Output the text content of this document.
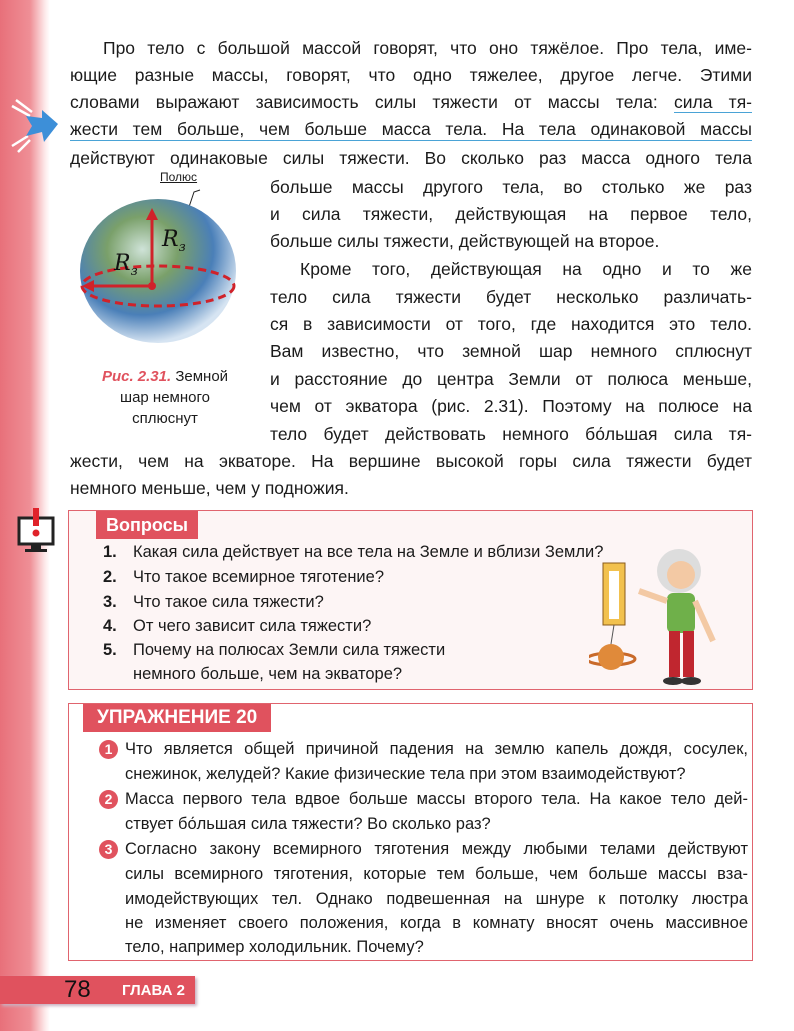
Про тело с большой массой говорят, что оно тяжёлое. Про тела, име-
ющие разные массы, говорят, что одно тяжелее, другое легче. Этими
словами выражают зависимость силы тяжести от массы тела: сила тя-
жести тем больше, чем больше масса тела. На тела одинаковой массы
действуют одинаковые силы тяжести. Во сколько раз масса одного тела
больше массы другого тела, во столько же раз
и сила тяжести, действующая на первое тело,
больше силы тяжести, действующей на второе.
Кроме того, действующая на одно и то же
тело сила тяжести будет несколько различать-
ся в зависимости от того, где находится это тело.
Вам известно, что земной шар немного сплюснут
и расстояние до центра Земли от полюса меньше,
чем от экватора (рис. 2.31). Поэтому на полюсе на
тело будет действовать немного бо́льшая сила тя-
жести, чем на экваторе. На вершине высокой горы сила тяжести будет
немного меньше, чем у подножия.
Полюс
$R_з$
$R_з$
Рис. 2.31. Земной
шар немного
сплюснут
Вопросы
1. Какая сила действует на все тела на Земле и вблизи Земли?
2. Что такое всемирное тяготение?
3. Что такое сила тяжести?
4. От чего зависит сила тяжести?
5. Почему на полюсах Земли сила тяжести
немного больше, чем на экваторе?
УПРАЖНЕНИЕ 20
1 Что является общей причиной падения на землю капель дождя, сосулек,
снежинок, желудей? Какие физические тела при этом взаимодействуют?
2 Масса первого тела вдвое больше массы второго тела. На какое тело дей-
ствует бо́льшая сила тяжести? Во сколько раз?
3 Согласно закону всемирного тяготения между любыми телами действуют
силы всемирного тяготения, которые тем больше, чем больше массы вза-
имодействующих тел. Однако подвешенная на шнуре к потолку люстра
не изменяет своего положения, когда в комнату вносят очень массивное
тело, например холодильник. Почему?
78 ГЛАВА 2
